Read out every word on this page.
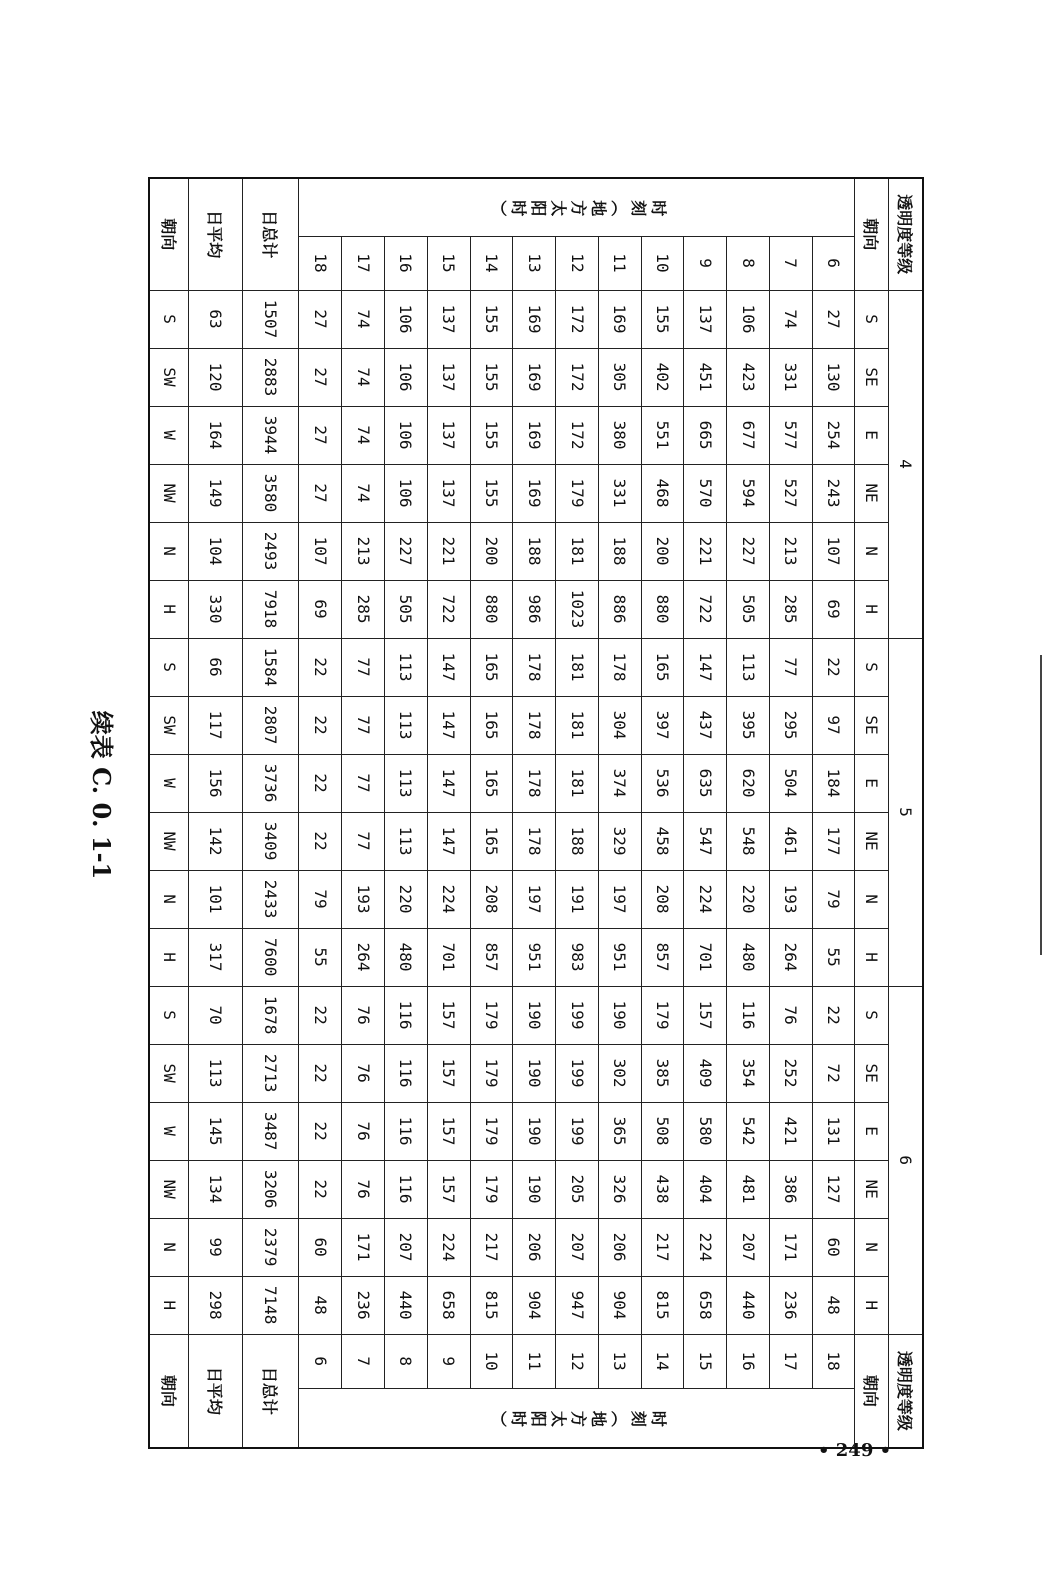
续表 C. 0. 1-1
• 249 •
透明度等级		4						5						6						透明度等级	
朝向		S	SE	E	NE	N	H	S	SE	E	NE	N	H	S	SE	E	NE	N	H	朝向	
时刻（地方太阳时）	6	27	130	254	243	107	69	22	97	184	177	79	55	22	72	131	127	60	48	18	时刻（地方太阳时）
	7	74	331	577	527	213	285	77	295	504	461	193	264	76	252	421	386	171	236	17	
	8	106	423	677	594	227	505	113	395	620	548	220	480	116	354	542	481	207	440	16	
	9	137	451	665	570	221	722	147	437	635	547	224	701	157	409	580	404	224	658	15	
	10	155	402	551	468	200	880	165	397	536	458	208	857	179	385	508	438	217	815	14	
	11	169	305	380	331	188	886	178	304	374	329	197	951	190	302	365	326	206	904	13	
	12	172	172	172	179	181	1023	181	181	181	188	191	983	199	199	199	205	207	947	12	
	13	169	169	169	169	188	986	178	178	178	178	197	951	190	190	190	190	206	904	11	
	14	155	155	155	155	200	880	165	165	165	165	208	857	179	179	179	179	217	815	10	
	15	137	137	137	137	221	722	147	147	147	147	224	701	157	157	157	157	224	658	9	
	16	106	106	106	106	227	505	113	113	113	113	220	480	116	116	116	116	207	440	8	
	17	74	74	74	74	213	285	77	77	77	77	193	264	76	76	76	76	171	236	7	
	18	27	27	27	27	107	69	22	22	22	22	79	55	22	22	22	22	60	48	6	
日总计		1507	2883	3944	3580	2493	7918	1584	2807	3736	3409	2433	7600	1678	2713	3487	3206	2379	7148	日总计	
日平均		63	120	164	149	104	330	66	117	156	142	101	317	70	113	145	134	99	298	日平均	
朝向		S	SW	W	NW	N	H	S	SW	W	NW	N	H	S	SW	W	NW	N	H	朝向	
